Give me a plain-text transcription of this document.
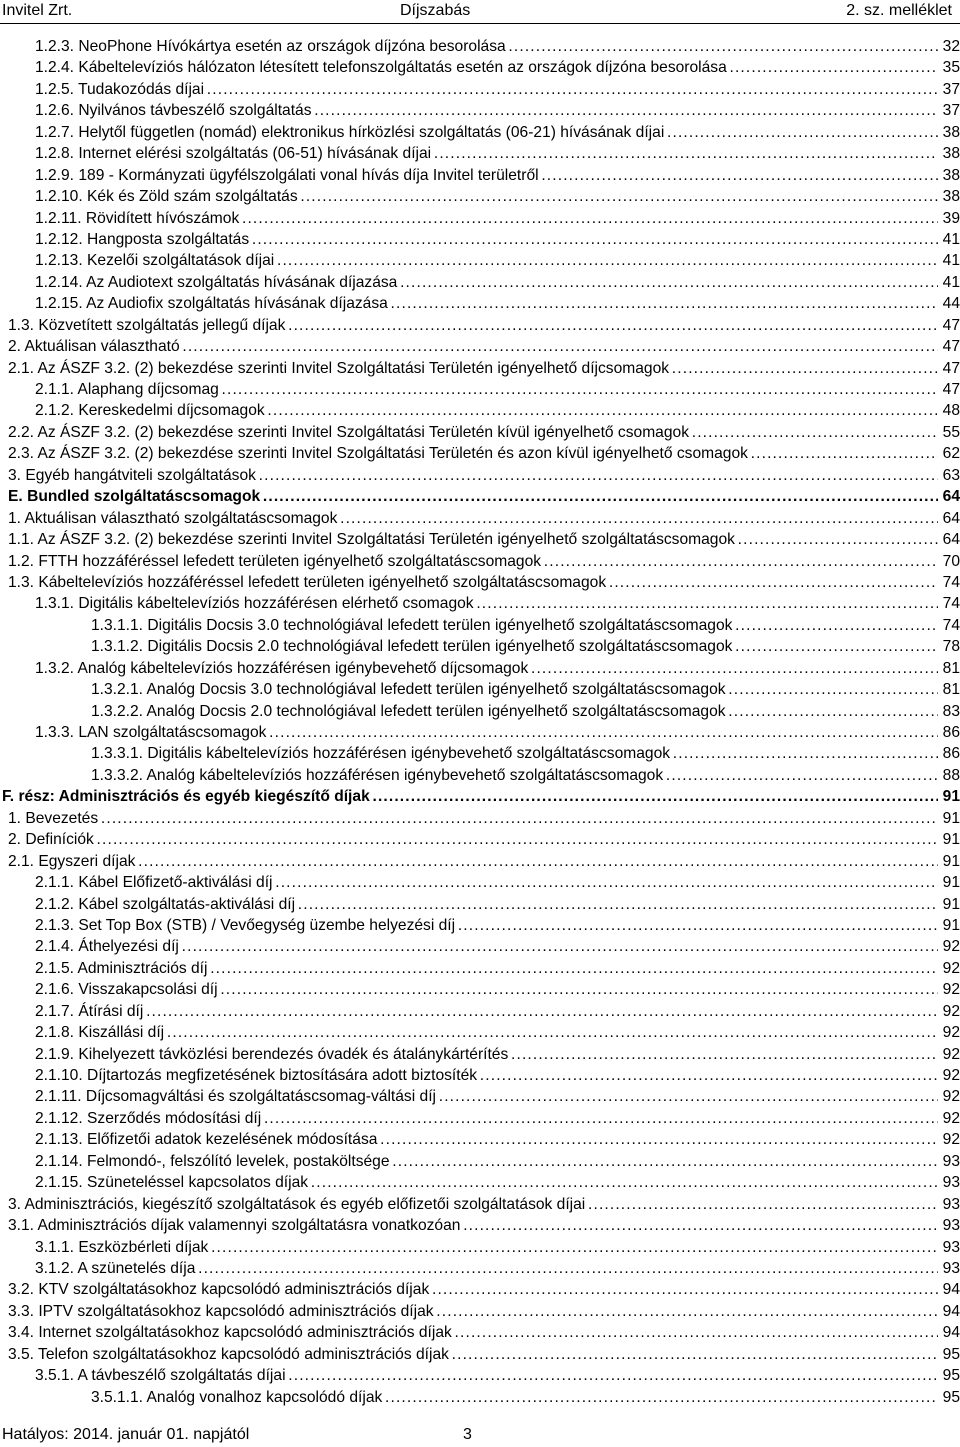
Invitel Zrt.	Díjszabás	2. sz. melléklet
1.2.3. NeoPhone Hívókártya esetén az országok díjzóna besorolása . . .	32
1.2.4. Kábeltelevíziós hálózaton létesített telefonszolgáltatás esetén az országok díjzóna besorolása . . .	35
1.2.5. Tudakozódás díjai . . .	37
1.2.6. Nyilvános távbeszélő szolgáltatás . . .	37
1.2.7. Helytől független (nomád) elektronikus hírközlési szolgáltatás (06-21) hívásának díjai . . .	38
1.2.8. Internet elérési szolgáltatás (06-51) hívásának díjai . . .	38
1.2.9. 189 - Kormányzati ügyfélszolgálati vonal hívás díja Invitel területről . . .	38
1.2.10. Kék és Zöld szám szolgáltatás . . .	38
1.2.11. Rövidített hívószámok . . .	39
1.2.12. Hangposta szolgáltatás . . .	41
1.2.13. Kezelői szolgáltatások díjai . . .	41
1.2.14. Az Audiotext szolgáltatás hívásának díjazása . . .	41
1.2.15. Az Audiofix szolgáltatás hívásának díjazása . . .	44
1.3. Közvetített szolgáltatás jellegű díjak . . .	47
2. Aktuálisan választható . . .	47
2.1. Az ÁSZF 3.2. (2) bekezdése szerinti Invitel Szolgáltatási Területén igényelhető díjcsomagok . . .	47
2.1.1. Alaphang díjcsomag . . .	47
2.1.2. Kereskedelmi díjcsomagok . . .	48
2.2. Az ÁSZF 3.2. (2) bekezdése szerinti Invitel Szolgáltatási Területén kívül igényelhető csomagok . . .	55
2.3. Az ÁSZF 3.2. (2) bekezdése szerinti Invitel Szolgáltatási Területén és azon kívül igényelhető csomagok . . .	62
3. Egyéb hangátviteli szolgáltatások . . .	63
E. Bundled szolgáltatáscsomagok . . .	64
1. Aktuálisan választható szolgáltatáscsomagok . . .	64
1.1. Az ÁSZF 3.2. (2) bekezdése szerinti Invitel Szolgáltatási Területén igényelhető szolgáltatáscsomagok . . .	64
1.2. FTTH hozzáféréssel lefedett területen igényelhető szolgáltatáscsomagok . . .	70
1.3. Kábeltelevíziós hozzáféréssel lefedett területen igényelhető szolgáltatáscsomagok . . .	74
1.3.1. Digitális kábeltelevíziós hozzáférésen elérhető csomagok . . .	74
1.3.1.1. Digitális Docsis 3.0 technológiával lefedett terülen igényelhető szolgáltatáscsomagok . . .	74
1.3.1.2. Digitális Docsis 2.0 technológiával lefedett terülen igényelhető szolgáltatáscsomagok . . .	78
1.3.2. Analóg kábeltelevíziós hozzáférésen igénybevehető díjcsomagok . . .	81
1.3.2.1. Analóg Docsis 3.0 technológiával lefedett terülen igényelhető szolgáltatáscsomagok . . .	81
1.3.2.2. Analóg Docsis 2.0 technológiával lefedett terülen igényelhető szolgáltatáscsomagok . . .	83
1.3.3. LAN szolgáltatáscsomagok . . .	86
1.3.3.1. Digitális kábeltelevíziós hozzáférésen igénybevehető szolgáltatáscsomagok . . .	86
1.3.3.2. Analóg kábeltelevíziós hozzáférésen igénybevehető szolgáltatáscsomagok . . .	88
F. rész: Adminisztrációs és egyéb kiegészítő díjak . . .	91
1. Bevezetés . . .	91
2. Definíciók . . .	91
2.1. Egyszeri díjak . . .	91
2.1.1. Kábel Előfizető-aktiválási díj . . .	91
2.1.2. Kábel szolgáltatás-aktiválási díj . . .	91
2.1.3. Set Top Box (STB) / Vevőegység üzembe helyezési díj . . .	91
2.1.4. Áthelyezési díj . . .	92
2.1.5. Adminisztrációs díj . . .	92
2.1.6. Visszakapcsolási díj . . .	92
2.1.7. Átírási díj . . .	92
2.1.8. Kiszállási díj . . .	92
2.1.9. Kihelyezett távközlési berendezés óvadék és átalánykártérítés . . .	92
2.1.10. Díjtartozás megfizetésének biztosítására adott biztosíték . . .	92
2.1.11. Díjcsomagváltási és szolgáltatáscsomag-váltási díj . . .	92
2.1.12. Szerződés módosítási díj . . .	92
2.1.13. Előfizetői adatok kezelésének módosítása . . .	92
2.1.14. Felmondó-, felszólító levelek, postaköltsége . . .	93
2.1.15. Szüneteléssel kapcsolatos díjak . . .	93
3. Adminisztrációs, kiegészítő szolgáltatások és egyéb előfizetői szolgáltatások díjai . . .	93
3.1. Adminisztrációs díjak valamennyi szolgáltatásra vonatkozóan . . .	93
3.1.1. Eszközbérleti díjak . . .	93
3.1.2. A szünetelés díja . . .	93
3.2. KTV szolgáltatásokhoz kapcsolódó adminisztrációs díjak . . .	94
3.3. IPTV szolgáltatásokhoz kapcsolódó adminisztrációs díjak . . .	94
3.4. Internet szolgáltatásokhoz kapcsolódó adminisztrációs díjak . . .	94
3.5. Telefon szolgáltatásokhoz kapcsolódó adminisztrációs díjak . . .	95
3.5.1. A távbeszélő szolgáltatás díjai . . .	95
3.5.1.1. Analóg vonalhoz kapcsolódó díjak . . .	95
Hatályos: 2014. január 01. napjától	3
